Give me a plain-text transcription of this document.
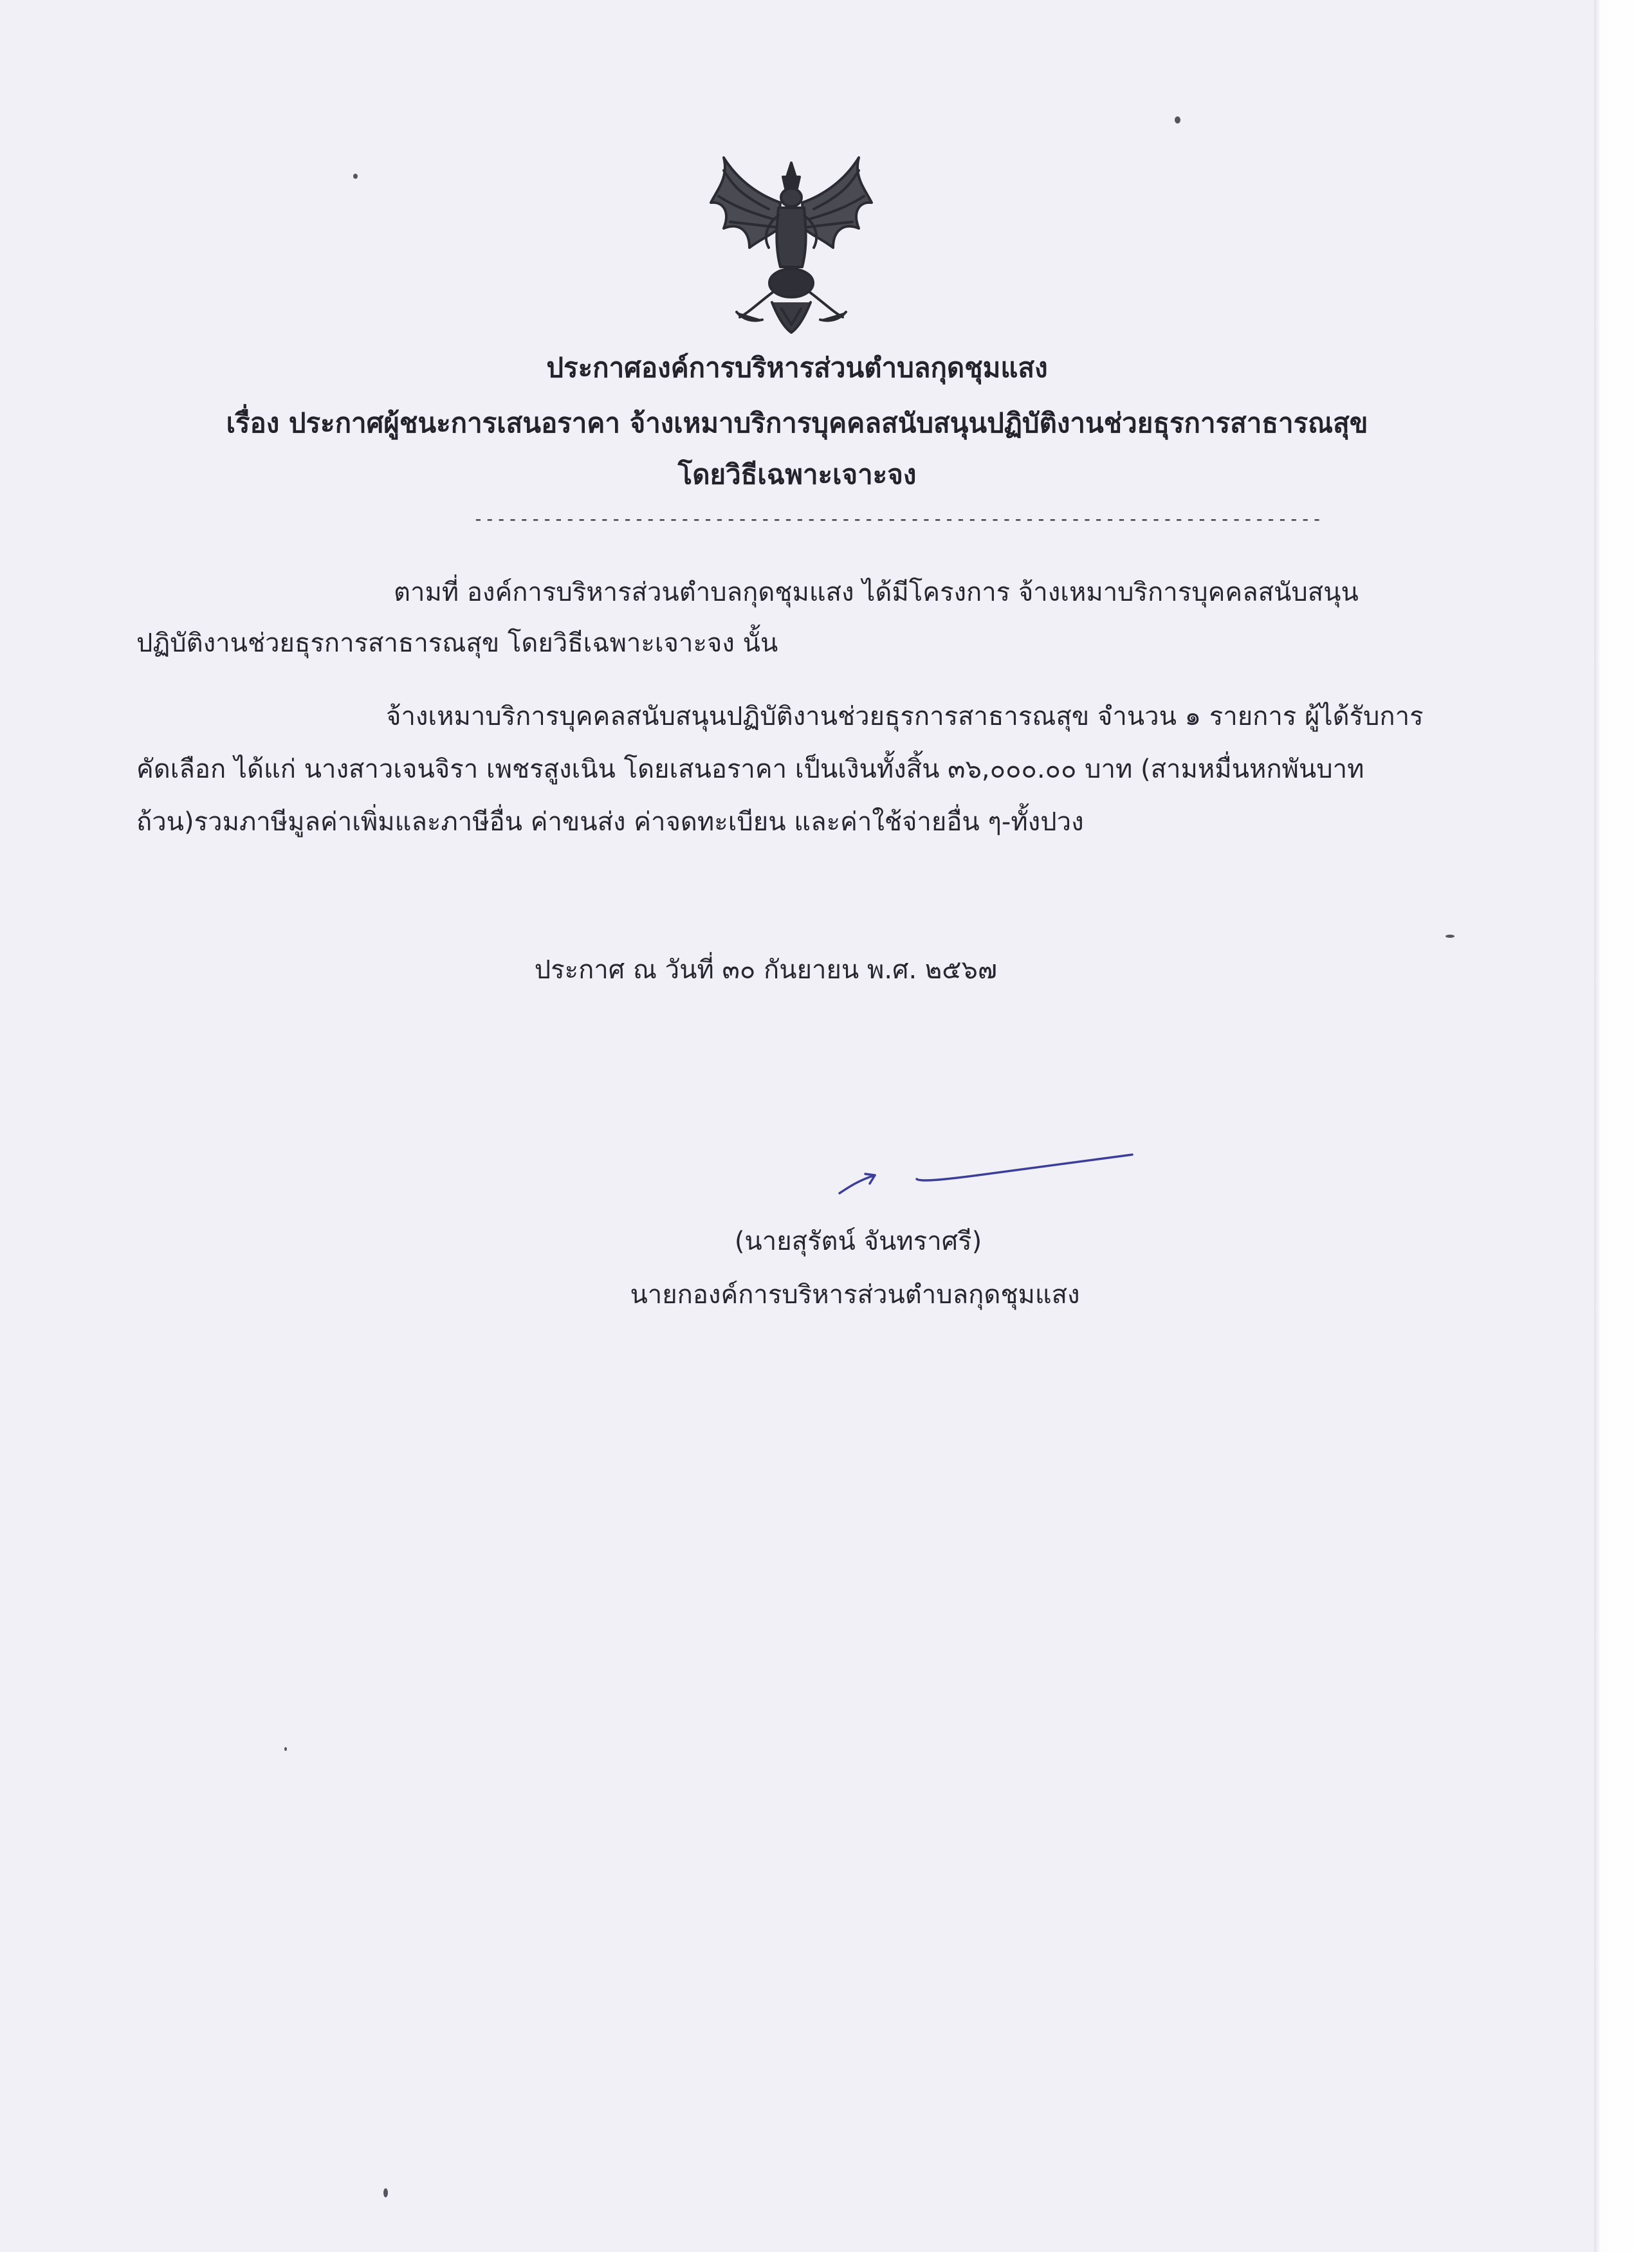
ประกาศองค์การบริหารส่วนตำบลกุดชุมแสง
เรื่อง ประกาศผู้ชนะการเสนอราคา จ้างเหมาบริการบุคคลสนับสนุนปฏิบัติงานช่วยธุรการสาธารณสุข
โดยวิธีเฉพาะเจาะจง
--------------------------------------------------------------------------
ตามที่ องค์การบริหารส่วนตำบลกุดชุมแสง ได้มีโครงการ จ้างเหมาบริการบุคคลสนับสนุน
ปฏิบัติงานช่วยธุรการสาธารณสุข โดยวิธีเฉพาะเจาะจง นั้น
จ้างเหมาบริการบุคคลสนับสนุนปฏิบัติงานช่วยธุรการสาธารณสุข จำนวน ๑ รายการ ผู้ได้รับการ
คัดเลือก ได้แก่ นางสาวเจนจิรา เพชรสูงเนิน โดยเสนอราคา เป็นเงินทั้งสิ้น ๓๖,๐๐๐.๐๐ บาท (สามหมื่นหกพันบาท
ถ้วน)รวมภาษีมูลค่าเพิ่มและภาษีอื่น ค่าขนส่ง ค่าจดทะเบียน และค่าใช้จ่ายอื่น ๆ-ทั้งปวง
ประกาศ ณ วันที่ ๓๐ กันยายน พ.ศ. ๒๕๖๗
(นายสุรัตน์ จันทราศรี)
นายกองค์การบริหารส่วนตำบลกุดชุมแสง
